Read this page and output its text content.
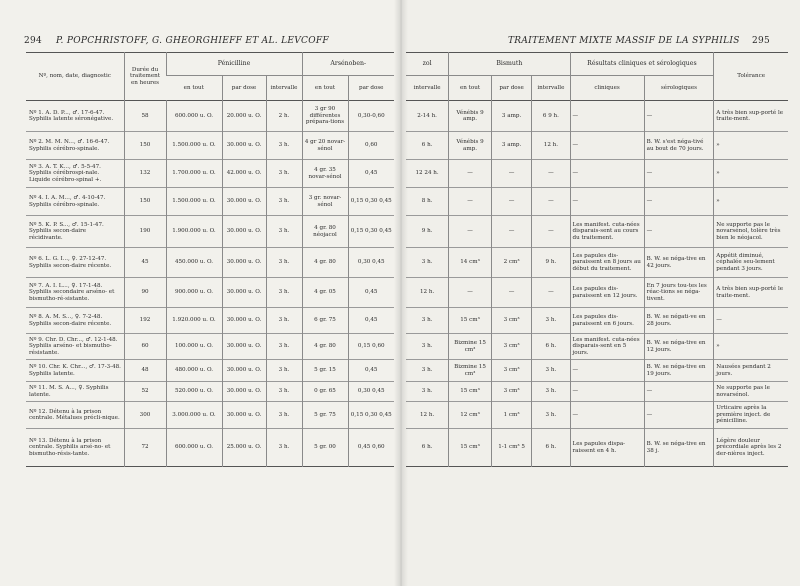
294 P. POPCHRISTOFF, G. GHEORGHIEFF ET AL. LEVCOFF
Nº, nom, date, diagnostic	Durée du traitement en heures	Pénicilline			Arsénoben-	
		en tout	par dose	intervalle	en tout	par dose
Nº 1. A. D. P..., ♂. 17-6-47. Syphilis latente séronégative.	58	600.000 u. O.	20.000 u. O.	2 h.	3 gr 90 différentes prépara-tions	0,30-0,60
Nº 2. M. M. N..., ♂. 16-6-47. Syphilis cérébro-spinale.	150	1.500.000 u. O.	30.000 u. O.	3 h.	4 gr 20 novar-sénol	0,60
Nº 3. A. T. K..., ♂. 5-5-47. Syphilis cérébrospi-nale. Liquide cérébro-spinal +.	132	1.700.000 u. O.	42.000 u. O.	3 h.	4 gr. 35 novar-sénol	0,45
Nº 4. I. A. M..., ♂. 4-10-47. Syphilis cérébro-spinale.	150	1.500.000 u. O.	30.000 u. O.	3 h.	3 gr. novar-sénol	0,15 0,30 0,45
Nº 5. K. P. S..., ♂. 15-1-47. Syphilis secon-daire récidivante.	190	1.900.000 u. O.	30.000 u. O.	3 h.	4 gr. 80 néojacol	0,15 0,30 0,45
Nº 6. L. G. I..., ♀. 27-12-47. Syphilis secon-daire récente.	45	450.000 u. O.	30.000 u. O.	3 h.	4 gr. 80	0,30 0,45
Nº 7. A. I. L..., ♀. 17-1-48. Syphilis secondaire arséno- et bismutho-ré-sistante.	90	900.000 u. O.	30.000 u. O.	3 h.	4 gr. 05	0,45
Nº 8. A. M. S..., ♀. 7-2-48. Syphilis secon-daire récente.	192	1.920.000 u. O.	30.000 u. O.	3 h.	6 gr. 75	0,45
Nº 9. Chr. D. Chr..., ♂. 12-1-48. Syphilis arséno- et bismutho-résistante.	60	100.000 u. O.	30.000 u. O.	3 h.	4 gr. 80	0,15 0,60
Nº 10. Chr. K. Chr..., ♂. 17-3-48. Syphilis latente.	48	480.000 u. O.	30.000 u. O.	3 h.	5 gr. 15	0,45
Nº 11. M. S. A..., ♀. Syphilis latente.	52	520.000 u. O.	30.000 u. O.	3 h.	0 gr. 65	0,30 0,45
Nº 12. Détenu à la prison centrale. Métalues précli-nique.	300	3.000.000 u. O.	30.000 u. O.	3 h.	5 gr. 75	0,15 0,30 0,45
Nº 13. Détenu à la prison centrale. Syphilis arsé-no- et bismutho-résis-tante.	72	600.000 u. O.	25.000 u. O.	3 h.	5 gr. 00	0,45 0,60
TRAITEMENT MIXTE MASSIF DE LA SYPHILIS 295
zol	Bismuth			Résultats cliniques et sérologiques		Tolérance
intervalle	en tout	par dose	intervalle	cliniques	sérologiques	
2-14 h.	Vénébis 9 amp.	3 amp.	6 9 h.	—	—	A très bien sup-porté le traite-ment.
6 h.	Vénébis 9 amp.	3 amp.	12 h.	—	B. W. s'est néga-tivé au bout de 70 jours.	»
12 24 h.	—	—	—	—	—	»
8 h.	—	—	—	—	—	»
9 h.	—	—	—	Les manifest. cuta-nées disparais-sent au cours du traitement.	—	Ne supporte pas le novarsénol, tolère très bien le néojacol.
3 h.	14 cm³	2 cm³	9 h.	Les papules dis-paraissent en 8 jours au début du traitement.	B. W. se néga-tive en 42 jours.	Appétit diminué, céphalée seu-lement pendant 3 jours.
12 h.	—	—	—	Les papules dis-paraissent en 12 jours.	En 7 jours tou-tes les réac-tions se néga-tivent.	A très bien sup-porté le traite-ment.
3 h.	15 cm³	3 cm³	3 h.	Les papules dis-paraissent en 6 jours.	B. W. se négati-ve en 28 jours.	—
3 h.	Bizmine 15 cm³	3 cm³	6 h.	Les manifest. cuta-nées disparais-sent en 5 jours.	B. W. se néga-tive en 12 jours.	»
3 h.	Bizmine 15 cm³	3 cm³	3 h.	—	B. W. se néga-tive en 19 jours.	Nausées pendant 2 jours.
3 h.	15 cm³	3 cm³	3 h.	—	—	Ne supporte pas le novarsénol.
12 h.	12 cm³	1 cm³	3 h.	—	—	Urticaire après la première inject. de pénicilline.
6 h.	15 cm³	1-1 cm³ 5	6 h.	Les papules dispa-raissent en 4 h.	B. W. se néga-tive en 38 j.	Légère douleur précordiale après les 2 der-nières inject.
